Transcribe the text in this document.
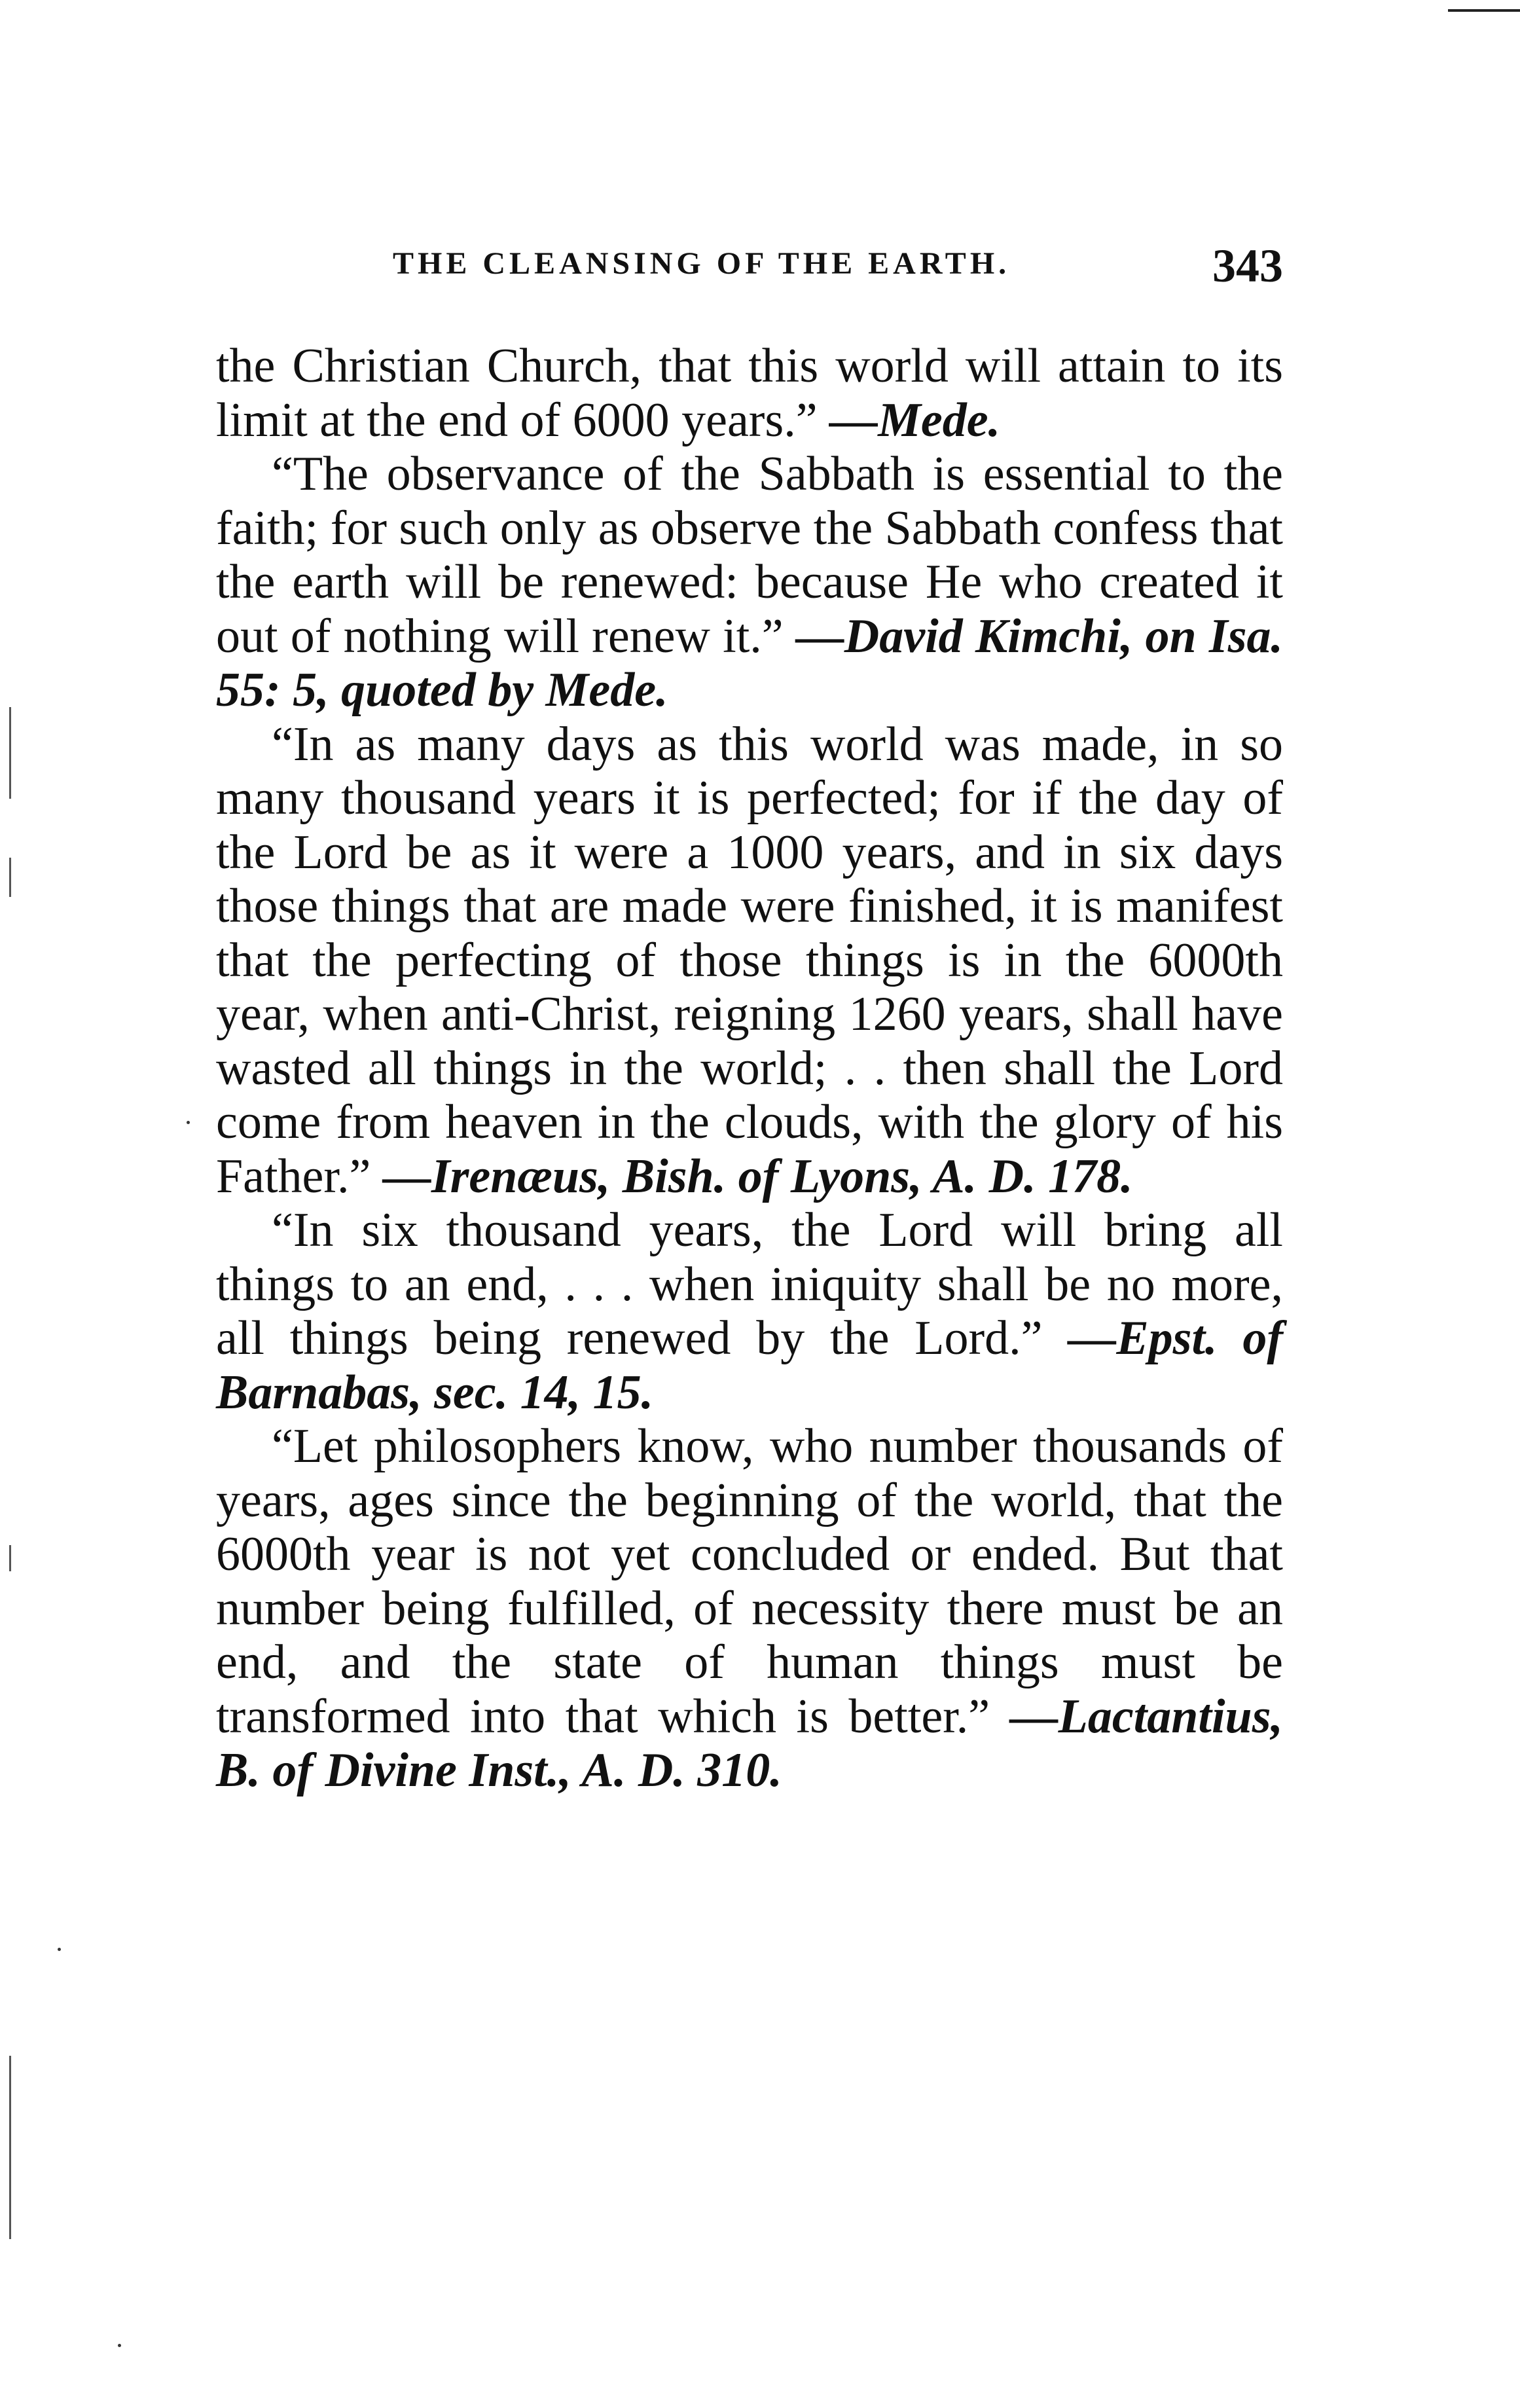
THE CLEANSING OF THE EARTH.	343

the Christian Church, that this world will attain to its limit at the end of 6000 years.” —Mede.

“The observance of the Sabbath is essential to the faith; for such only as observe the Sabbath confess that the earth will be renewed: because He who created it out of nothing will renew it.” —David Kimchi, on Isa. 55: 5, quoted by Mede.

“In as many days as this world was made, in so many thousand years it is perfected; for if the day of the Lord be as it were a 1000 years, and in six days those things that are made were finished, it is manifest that the perfecting of those things is in the 6000th year, when anti-Christ, reigning 1260 years, shall have wasted all things in the world; . . then shall the Lord come from heaven in the clouds, with the glory of his Father.” —Irenæus, Bish. of Lyons, A. D. 178.

“In six thousand years, the Lord will bring all things to an end, . . . when iniquity shall be no more, all things being renewed by the Lord.” —Epst. of Barnabas, sec. 14, 15.

“Let philosophers know, who number thousands of years, ages since the beginning of the world, that the 6000th year is not yet concluded or ended. But that number being fulfilled, of necessity there must be an end, and the state of human things must be transformed into that which is better.” —Lactantius, B. of Divine Inst., A. D. 310.
